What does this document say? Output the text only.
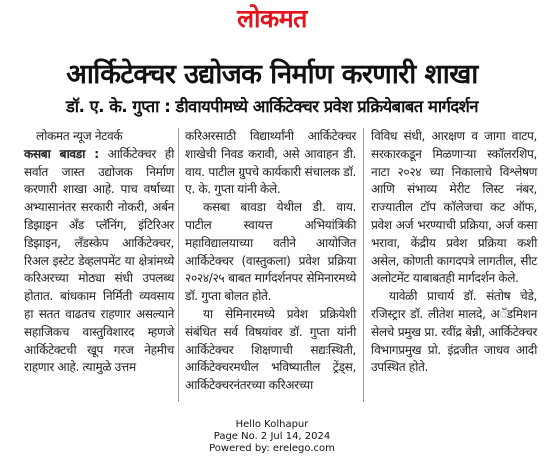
लोकमत
आर्किटेक्चर उद्योजक निर्माण करणारी शाखा
डॉ. ए. के. गुप्ता : डीवायपीमध्ये आर्किटेक्चर प्रवेश प्रक्रियेबाबत मार्गदर्शन

लोकमत न्यूज नेटवर्क

कसबा बावडा : आर्किटेक्चर ही सर्वात जास्त उद्योजक निर्माण करणारी शाखा आहे. पाच वर्षाच्या अभ्यासानंतर सरकारी नोकरी, अर्बन डिझाइन अँड प्लॅनिंग, इंटिरिअर डिझाइन, लॅंडस्केप आर्किटेक्चर, रिअल इस्टेट डेव्हलपमेंट या क्षेत्रांमध्ये करिअरच्या मोठ्या संधी उपलब्ध होतात. बांधकाम निर्मिती व्यवसाय हा सतत वाढतच राहणार असल्याने सहाजिकच वास्तुविशारद म्हणजे आर्किटेक्टची खूप गरज नेहमीच राहणार आहे. त्यामुळे उत्तम

करिअरसाठी विद्यार्थ्यांनी आर्किटेक्चर शाखेची निवड करावी, असे आवाहन डी. वाय. पाटील ग्रुपचे कार्यकारी संचालक डॉ. ए. के. गुप्ता यांनी केले.

कसबा बावडा येथील डी. वाय. पाटील स्वायत्त अभियांत्रिकी महाविद्यालयाच्या वतीने आयोजित आर्किटेक्चर (वास्तुकला) प्रवेश प्रक्रिया २०२४/२५ बाबत मार्गदर्शनपर सेमिनारमध्ये डॉ. गुप्ता बोलत होते.

या सेमिनारमध्ये प्रवेश प्रक्रियेशी संबंधित सर्व विषयांवर डॉ. गुप्ता यांनी आर्किटेक्चर शिक्षणाची सद्यःस्थिती, आर्किटेक्चरमधील भविष्यातील ट्रेंड्‌स, आर्किटेक्चरनंतरच्या करिअरच्या

विविध संधी, आरक्षण व जागा वाटप, सरकारकडून मिळणाऱ्या स्कॉलरशिप, नाटा २०२४ च्या निकालाचे विश्लेषण आणि संभाव्य मेरीट लिस्ट नंबर, राज्यातील टॉप कॉलेजचा कट ऑफ, प्रवेश अर्ज भरण्याची प्रक्रिया, अर्ज कसा भरावा, केंद्रीय प्रवेश प्रक्रिया कशी असेल, कोणती कागदपत्रे लागतील, सीट अलोटमेंट याबाबतही मार्गदर्शन केले.

यावेळी प्राचार्य डॉ. संतोष चेडे, रजिस्ट्रार डॉ. लीतेश मालदे, अॅडमिशन सेलचे प्रमुख प्रा. रवींद्र बेन्नी, आर्किटेक्चर विभागप्रमुख प्रो. इंद्रजीत जाधव आदी उपस्थित होते.

Hello Kolhapur
Page No. 2 Jul 14, 2024
Powered by: erelego.com
